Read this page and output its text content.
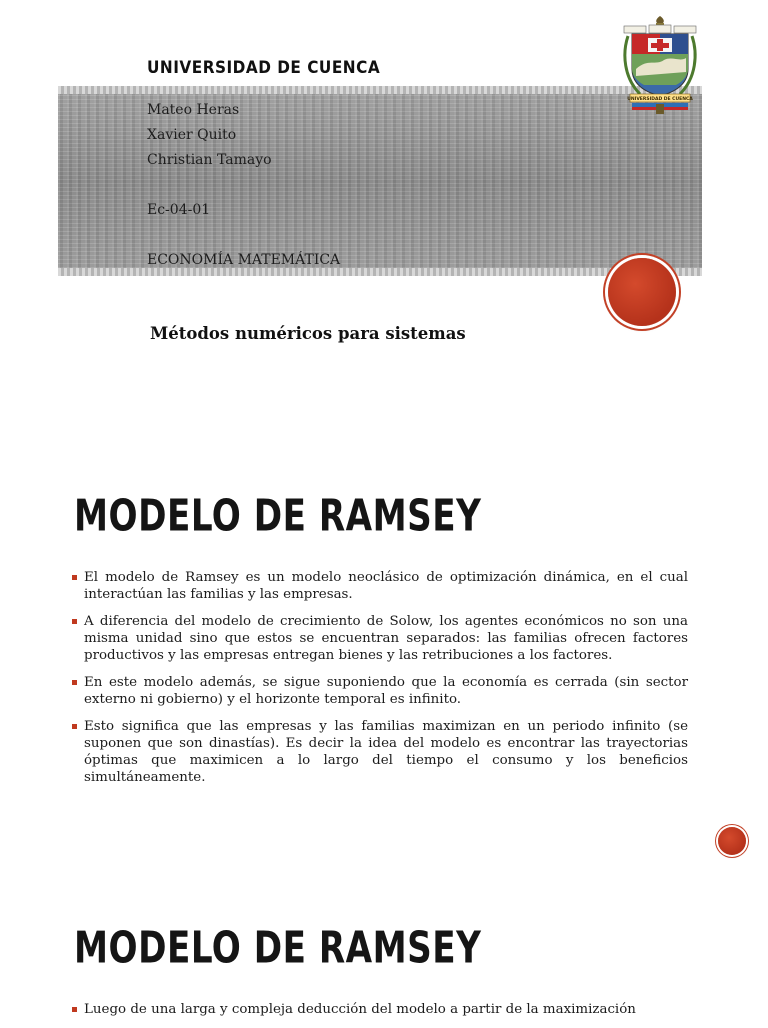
UNIVERSIDAD DE CUENCA
Mateo Heras
Xavier Quito
Christian Tamayo
Ec-04-01
ECONOMÍA MATEMÁTICA
UNIVERSIDAD DE CUENCA
Métodos numéricos para sistemas
MODELO DE RAMSEY
El modelo de Ramsey es un modelo neoclásico de optimización dinámica, en el cual interactúan las familias y las empresas.
A diferencia del modelo de crecimiento de Solow, los agentes económicos no son una misma unidad sino que estos se encuentran separados: las familias ofrecen factores productivos y las empresas entregan bienes y las retribuciones a los factores.
En este modelo además, se sigue suponiendo que la economía es cerrada (sin sector externo ni gobierno) y el horizonte temporal es infinito.
Esto significa que las empresas y las familias maximizan en un periodo infinito (se suponen que son dinastías). Es decir la idea del modelo es encontrar las trayectorias óptimas que maximicen a lo largo del tiempo el consumo y los beneficios simultáneamente.
MODELO DE RAMSEY
Luego de una larga y compleja deducción del modelo a partir de la maximización
